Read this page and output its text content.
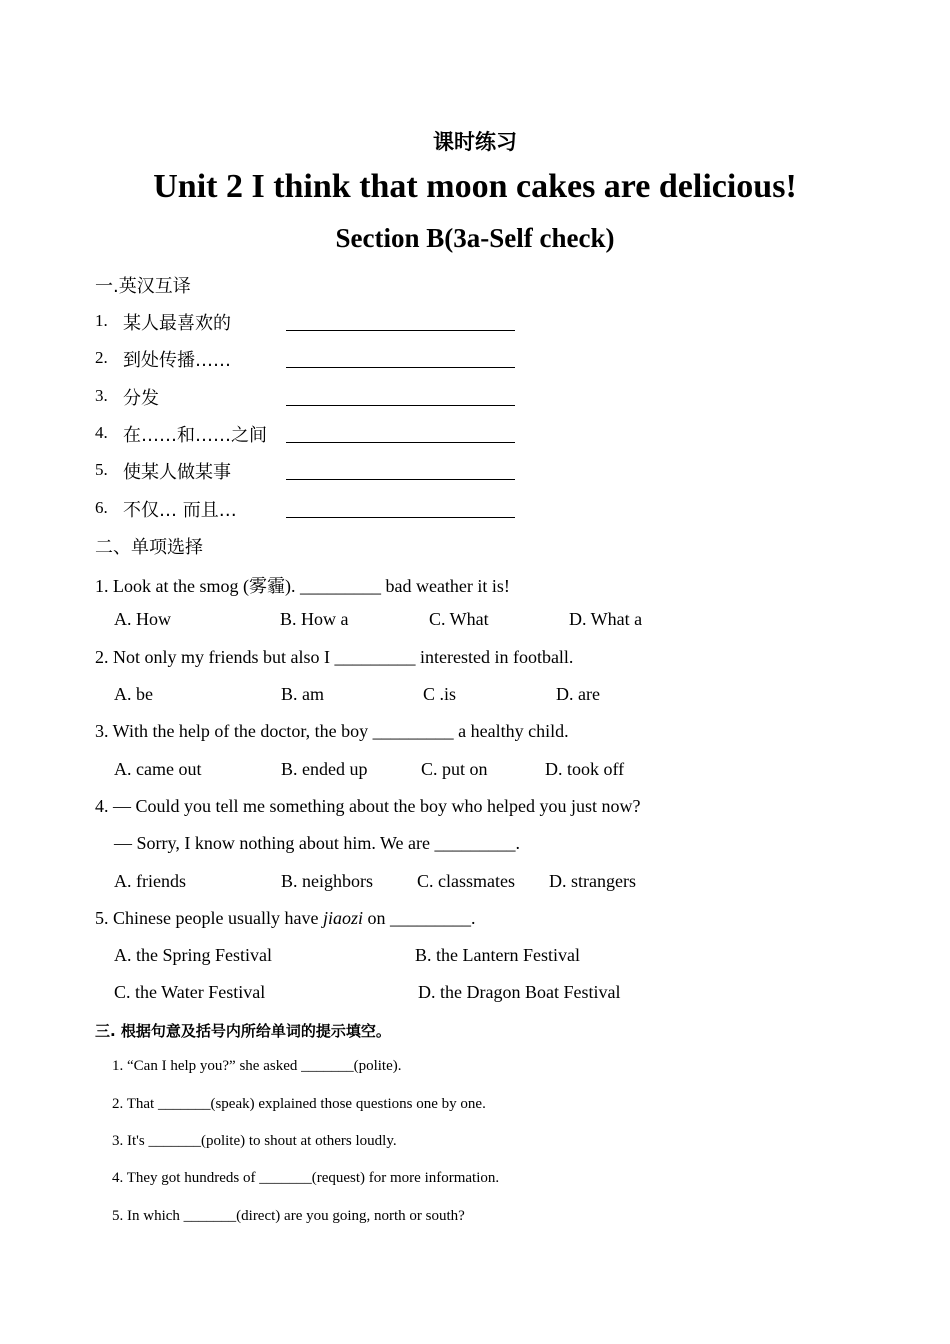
课时练习
Unit 2 I think that moon cakes are delicious!
Section B(3a-Self check)
一.英汉互译
1. 某人最喜欢的
2. 到处传播……
3. 分发
4. 在……和……之间
5. 使某人做某事
6. 不仅… 而且…
二、单项选择
1. Look at the smog (雾霾). _________ bad weather it is!
A. How	B. How a	C. What	D. What a
2. Not only my friends but also I _________ interested in football.
A. be	B. am	C .is	D. are
3. With the help of the doctor, the boy _________ a healthy child.
A. came out	B. ended up	C. put on	D. took off
4. — Could you tell me something about the boy who helped you just now?
— Sorry, I know nothing about him. We are _________.
A. friends	B. neighbors C. classmates D. strangers
5. Chinese people usually have jiaozi on _________.
A. the Spring Festival	B. the Lantern Festival
C. the Water Festival	D. the Dragon Boat Festival
三. 根据句意及括号内所给单词的提示填空。
1. “Can I help you?” she asked _______(polite).
2. That _______(speak) explained those questions one by one.
3. It's _______(polite) to shout at others loudly.
4. They got hundreds of _______(request) for more information.
5. In which _______(direct) are you going, north or south?
